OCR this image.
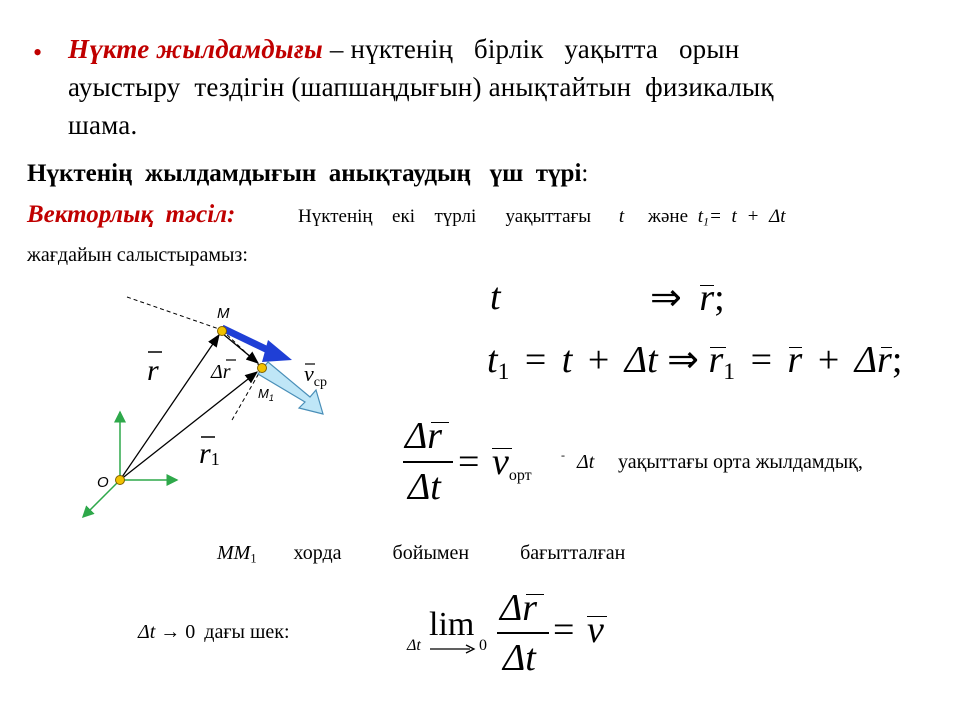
• Нүкте жылдамдығы – нүктенің   бірлік   уақытта   орын
ауыстыру  тездігін (шапшаңдығын) анықтайтын  физикалық
шама.
Нүктенің  жылдамдығын  анықтаудың   үш  түрі:
Векторлық  тәсіл:	Нүктенің  екі  түрлі   уақыттағы t және $t_1= t + \Delta t$
жағдайын салыстырамыз:
M
$M_1$
O
r
r1
Δr	$v_{ср}$
t	⇒ r;
$t_1 = t + \Delta t$ ⇒ $r_1 = r + \Delta r$;
Δr
Δt
= vорт
- Δt уақыттағы орта жылдамдық,
$MM_1$ хорда   бойымен   бағытталған
Δt → 0 дағы шек:	lim
Δt	0
Δr
Δt
= v
